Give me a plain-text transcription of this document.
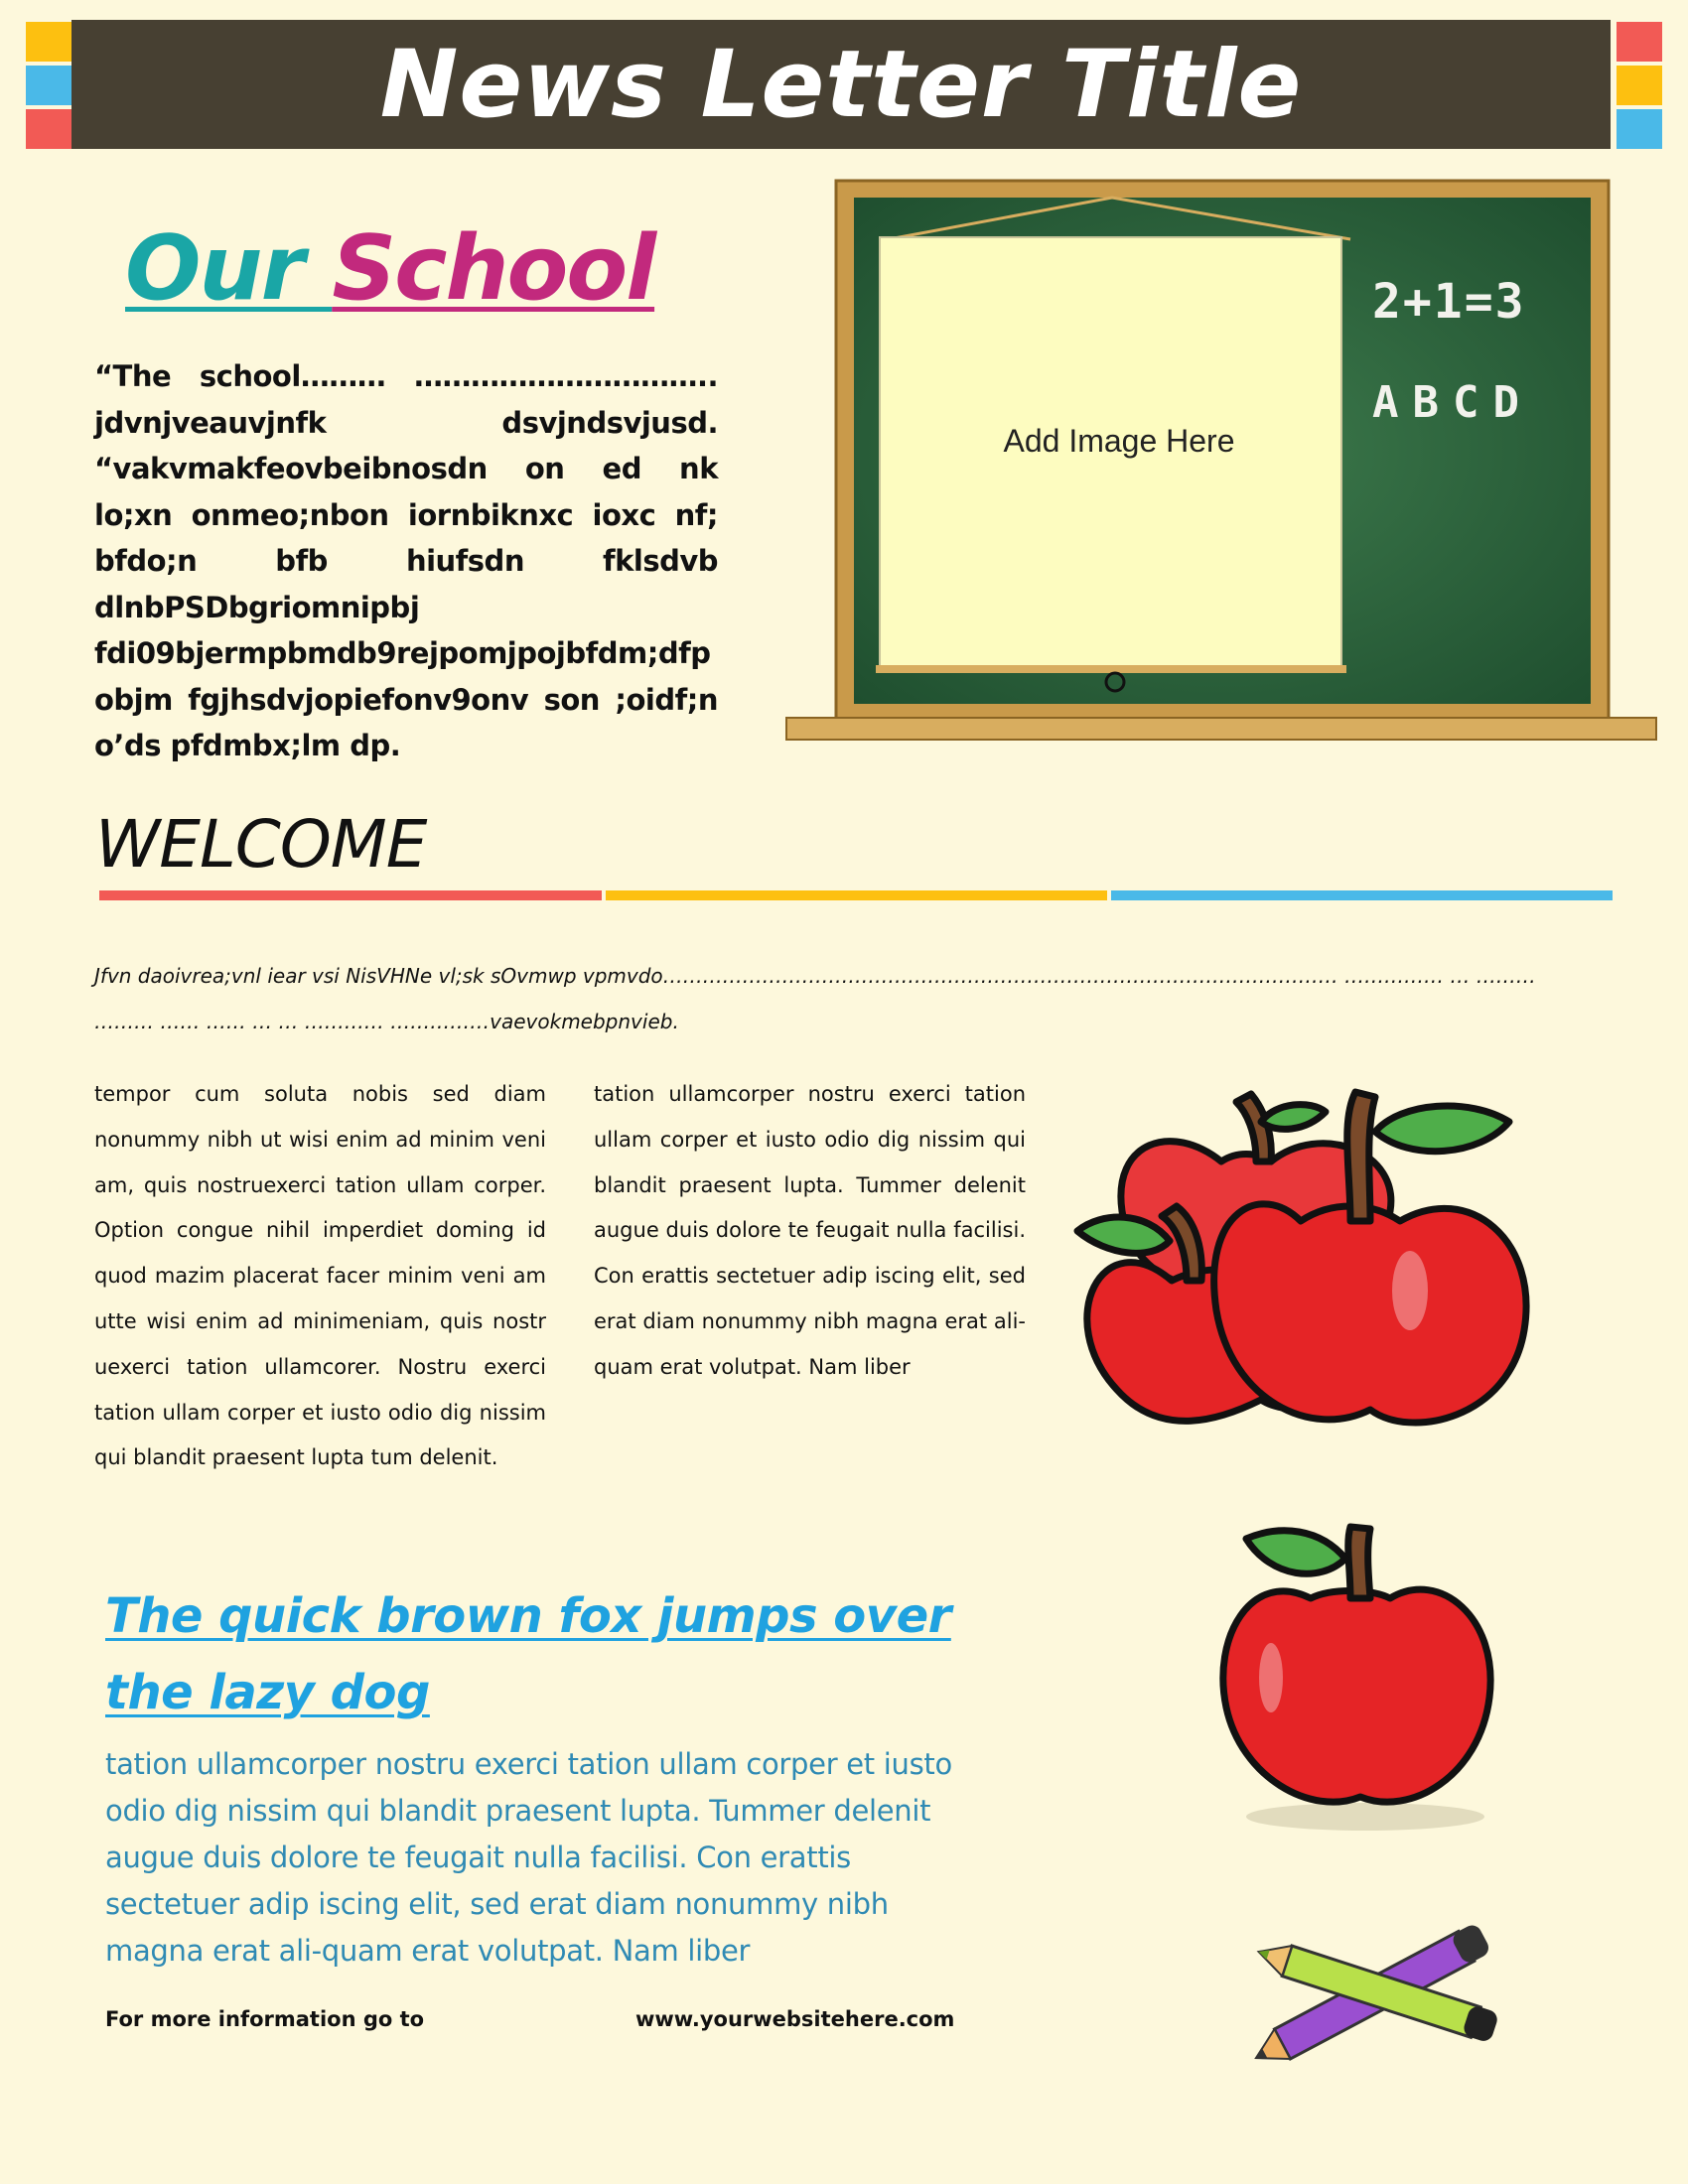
News Letter Title
Our School

“The school……… ………………………….. jdvnjveauvjnfk dsvjndsvjusd. “vakvmakfeovbeibnosdn on ed nk lo;xn onmeo;nbon iornbiknxc ioxc nf; bfdo;n bfb hiufsdn fklsdvb dlnbPSDbgriomnipbj fdi09bjermpbmdb9rejpomjpojbfdm;dfpobjm fgjhsdvjopiefonv9onv son ;oidf;n o’ds pfdmbx;lm dp.

Add Image Here
2+1=3
ABCD
WELCOME

Jfvn daoivrea;vnl iear vsi NisVHNe vl;sk sOvmwp vpmvdo………………………………………………………………………………………… …………… … ……… ……… …… …… … … ………… ……………vaevokmebpnvieb.

tempor cum soluta nobis sed diam nonummy nibh ut wisi enim ad minim veni am, quis nostruexerci tation ullam corper. Option congue nihil imperdiet doming id quod mazim placerat facer minim veni am utte wisi enim ad minimeniam, quis nostr uexerci tation ullamcorer. Nostru exerci tation ullam corper et iusto odio dig nissim qui blandit praesent lupta tum delenit.

tation ullamcorper nostru exerci tation ullam corper et iusto odio dig nissim qui blandit praesent lupta. Tummer delenit augue duis dolore te feugait nulla facilisi. Con erattis sectetuer adip iscing elit, sed erat diam nonummy nibh magna erat ali-quam erat volutpat. Nam liber

The quick brown fox jumps over the lazy dog

tation ullamcorper nostru exerci tation ullam corper et iusto odio dig nissim qui blandit praesent lupta. Tummer delenit augue duis dolore te feugait nulla facilisi. Con erattis sectetuer adip iscing elit, sed erat diam nonummy nibh magna erat ali-quam erat volutpat. Nam liber

For more information go to	www.yourwebsitehere.com
